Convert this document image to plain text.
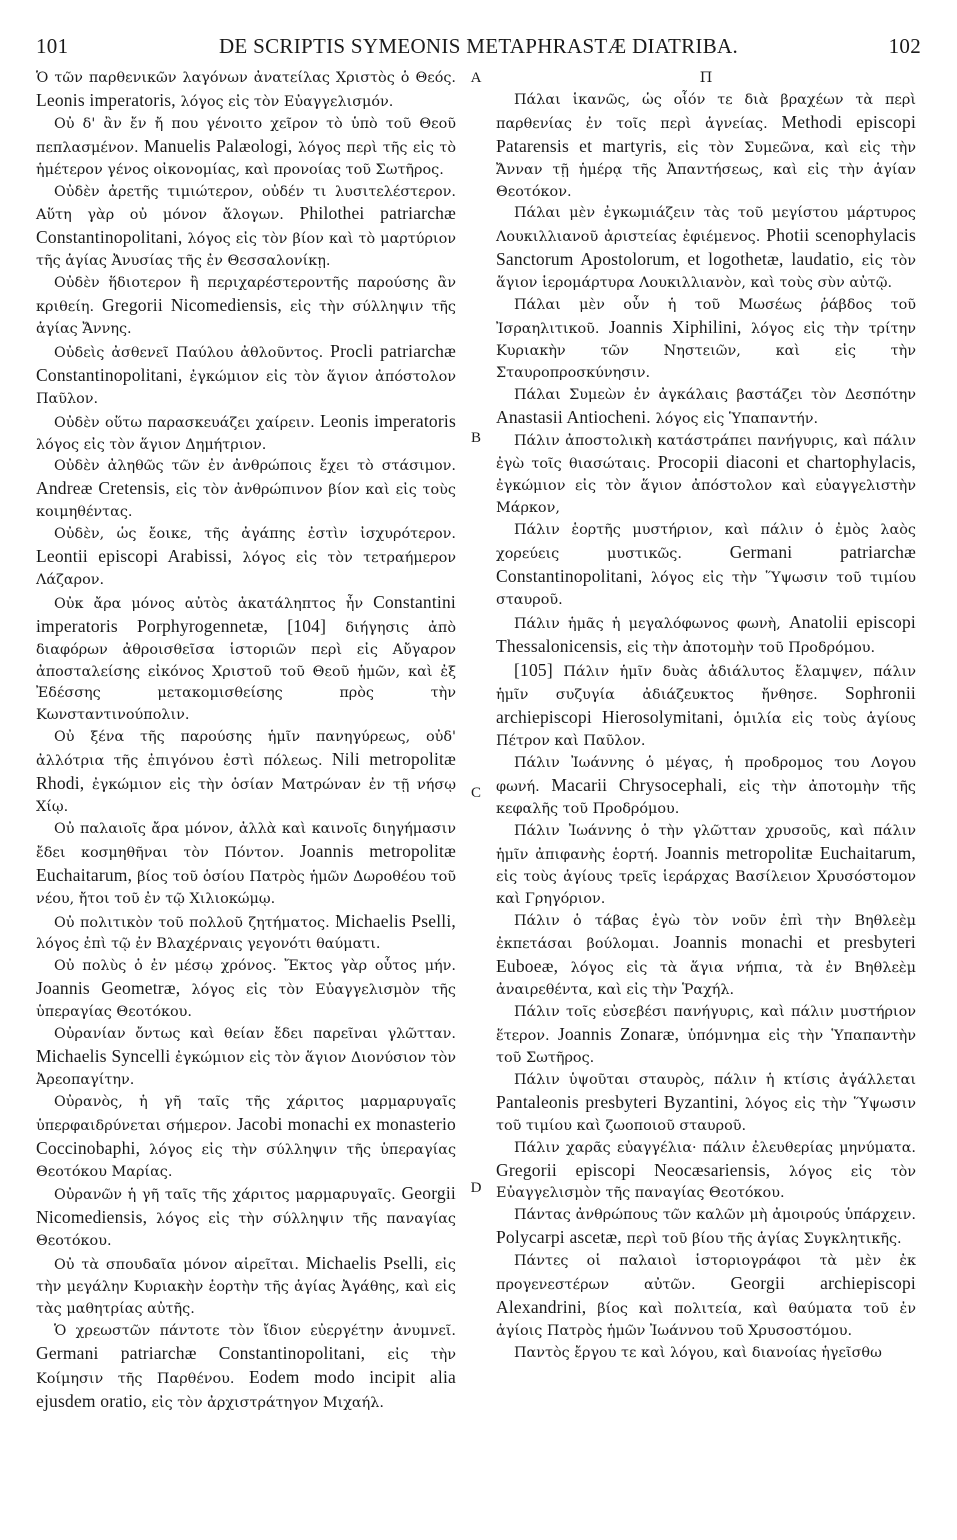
101	DE SCRIPTIS SYMEONIS METAPHRASTÆ DIATRIBA.	102

Ὁ τῶν παρθενικῶν λαγόνων ἀνατείλας Χριστὸς ὁ Θεός. Leonis imperatoris, λόγος εἰς τὸν Εὐαγγελισμόν.

Οὐ δ' ἂν ἔν ἤ που γένοιτο χεῖρον τὸ ὑπὸ τοῦ Θεοῦ πεπλασμένον. Manuelis Palæologi, λόγος περὶ τῆς εἰς τὸ ἡμέτερον γένος οἰκονομίας, καὶ προνοίας τοῦ Σωτῆρος.

Οὐδὲν ἀρετῆς τιμιώτερον, οὐδέν τι λυσιτελέστερον. Αὕτη γὰρ οὐ μόνον ἄλογων. Philothei patriarchæ Constantinopolitani, λόγος εἰς τὸν βίον καὶ τὸ μαρτύριον τῆς ἁγίας Ἀνυσίας τῆς ἐν Θεσσαλονίκῃ.

Οὐδὲν ἥδιοτερον ἢ περιχαρέστεροντῆς παρούσης ἂν κριθείη. Gregorii Nicomediensis, εἰς τὴν σύλληψιν τῆς ἁγίας Ἄννης.

Οὐδεὶς ἀσθενεῖ Παύλου ἀθλοῦντος. Procli patriarchæ Constantinopolitani, ἐγκώμιον εἰς τὸν ἅγιον ἀπόστολον Παῦλον.

Οὐδὲν οὕτω παρασκευάζει χαίρειν. Leonis imperatoris λόγος εἰς τὸν ἅγιον Δημήτριον.

Οὐδὲν ἀληθῶς τῶν ἐν ἀνθρώποις ἔχει τὸ στάσιμον. Andreæ Cretensis, εἰς τὸν ἀνθρώπινον βίον καὶ εἰς τοὺς κοιμηθέντας.

Οὐδὲν, ὡς ἔοικε, τῆς ἀγάπης ἐστὶν ἰσχυρότερον. Leontii episcopi Arabissi, λόγος εἰς τὸν τετραήμερον Λάζαρον.

Οὐκ ἄρα μόνος αὐτὸς ἀκατάληπτος ἦν Constantini imperatoris Porphyrogennetæ, [104] διήγησις ἀπὸ διαφόρων ἀθροισθεῖσα ἱστοριῶν περὶ εἰς Αὔγαρον ἀποσταλείσης εἰκόνος Χριστοῦ τοῦ Θεοῦ ἡμῶν, καὶ ἐξ Ἐδέσσης μετακομισθείσης πρὸς τὴν Κωνσταντινούπολιν.

Οὐ ξένα τῆς παρούσης ἡμῖν πανηγύρεως, οὐδ' ἀλλότρια τῆς ἐπιγόνου ἐστὶ πόλεως. Nili metropolitæ Rhodi, ἐγκώμιον εἰς τὴν ὁσίαν Ματρώναν ἐν τῇ νήσῳ Χίῳ.

Οὐ παλαιοῖς ἄρα μόνον, ἀλλὰ καὶ καινοῖς διηγήμασιν ἔδει κοσμηθῆναι τὸν Πόντον. Joannis metropolitæ Euchaitarum, βίος τοῦ ὁσίου Πατρὸς ἡμῶν Δωροθέου τοῦ νέου, ἤτοι τοῦ ἐν τῷ Χιλιοκώμῳ.

Οὐ πολιτικὸν τοῦ πολλοῦ ζητήματος. Michaelis Pselli, λόγος ἐπὶ τῷ ἐν Βλαχέρναις γεγονότι θαύματι.

Οὐ πολὺς ὁ ἐν μέσῳ χρόνος. Ἔκτος γὰρ οὗτος μήν. Joannis Geometræ, λόγος εἰς τὸν Εὐαγγελισμὸν τῆς ὑπεραγίας Θεοτόκου.

Οὐρανίαν ὄντως καὶ θείαν ἔδει παρεῖναι γλῶτταν. Michaelis Syncelli ἐγκώμιον εἰς τὸν ἅγιον Διονύσιον τὸν Ἀρεοπαγίτην.

Οὐρανὸς, ἡ γῆ ταῖς τῆς χάριτος μαρμαρυγαῖς ὑπερφαιδρύνεται σήμερον. Jacobi monachi ex monasterio Coccinobaphi, λόγος εἰς τὴν σύλληψιν τῆς ὑπεραγίας Θεοτόκου Μαρίας.

Οὐρανῶν ἡ γῆ ταῖς τῆς χάριτος μαρμαρυγαῖς. Georgii Nicomediensis, λόγος εἰς τὴν σύλληψιν τῆς παναγίας Θεοτόκου.

Οὐ τὰ σπουδαῖα μόνον αἱρεῖται. Michaelis Pselli, εἰς τὴν μεγάλην Κυριακὴν ἑορτὴν τῆς ἁγίας Ἀγάθης, καὶ εἰς τὰς μαθητρίας αὐτῆς.

Ὁ χρεωστῶν πάντοτε τὸν ἴδιον εὐεργέτην ἀνυμνεῖ. Germani patriarchæ Constantinopolitani, εἰς τὴν Κοίμησιν τῆς Παρθένου. Eodem modo incipit alia ejusdem oratio, εἰς τὸν ἀρχιστράτηγον Μιχαήλ.

Π

Πάλαι ἱκανῶς, ὡς οἷόν τε διὰ βραχέων τὰ περὶ παρθενίας ἐν τοῖς περὶ ἁγνείας. Methodi episcopi Patarensis et martyris, εἰς τὸν Συμεῶνα, καὶ εἰς τὴν Ἄνναν τῇ ἡμέρᾳ τῆς Ἀπαντήσεως, καὶ εἰς τὴν ἁγίαν Θεοτόκον.

Πάλαι μὲν ἐγκωμιάζειν τὰς τοῦ μεγίστου μάρτυρος Λουκιλλιανοῦ ἀριστείας ἐφιέμενος. Photii scenophylacis Sanctorum Apostolorum, et logothetæ, laudatio, εἰς τὸν ἅγιον ἱερομάρτυρα Λουκιλλιανὸν, καὶ τοὺς σὺν αὐτῷ.

Πάλαι μὲν οὖν ἡ τοῦ Μωσέως ῥάβδος τοῦ Ἰσραηλιτικοῦ. Joannis Xiphilini, λόγος εἰς τὴν τρίτην Κυριακὴν τῶν Νηστειῶν, καὶ εἰς τὴν Σταυροπροσκύνησιν.

Πάλαι Συμεὼν ἐν ἀγκάλαις βαστάζει τὸν Δεσπότην Anastasii Antiocheni. λόγος εἰς Ὑπαπαντήν.

Πάλιν ἀποστολικὴ κατάστράπει πανήγυρις, καὶ πάλιν ἐγὼ τοῖς θιασώταις. Procopii diaconi et chartophylacis, ἐγκώμιον εἰς τὸν ἅγιον ἀπόστολον καὶ εὐαγγελιστὴν Μάρκον,

Πάλιν ἑορτῆς μυστήριον, καὶ πάλιν ὁ ἐμὸς λαὸς χορεύεις μυστικῶς. Germani patriarchæ Constantinopolitani, λόγος εἰς τὴν Ὕψωσιν τοῦ τιμίου σταυροῦ.

Πάλιν ἡμᾶς ἡ μεγαλόφωνος φωνὴ, Anatolii episcopi Thessalonicensis, εἰς τὴν ἀποτομὴν τοῦ Προδρόμου.

[105] Πάλιν ἡμῖν δυὰς ἀδιάλυτος ἔλαμψεν, πάλιν ἡμῖν συζυγία ἀδιάζευκτος ἤνθησε. Sophronii archiepiscopi Hierosolymitani, ὁμιλία εἰς τοὺς ἁγίους Πέτρον καὶ Παῦλον.

Πάλιν Ἰωάννης ὁ μέγας, ἡ προδρομος του Λογου φωνή. Macarii Chrysocephali, εἰς τὴν ἀποτομὴν τῆς κεφαλῆς τοῦ Προδρόμου.

Πάλιν Ἰωάννης ὁ τὴν γλῶτταν χρυσοῦς, καὶ πάλιν ἡμῖν ἀπιφανὴς ἑορτή. Joannis metropolitæ Euchaitarum, εἰς τοὺς ἁγίους τρεῖς ἱεράρχας Βασίλειον Χρυσόστομον καὶ Γρηγόριον.

Πάλιν ὁ τάβας ἐγὼ τὸν νοῦν ἐπὶ τὴν Βηθλεὲμ ἐκπετάσαι βούλομαι. Joannis monachi et presbyteri Euboeæ, λόγος εἰς τὰ ἅγια νήπια, τὰ ἐν Βηθλεὲμ ἀναιρεθέντα, καὶ εἰς τὴν Ῥαχήλ.

Πάλιν τοῖς εὐσεβέσι πανήγυρις, καὶ πάλιν μυστήριον ἕτερον. Joannis Zonaræ, ὑπόμνημα εἰς τὴν Ὑπαπαντὴν τοῦ Σωτῆρος.

Πάλιν ὑψοῦται σταυρὸς, πάλιν ἡ κτίσις ἀγάλλεται Pantaleonis presbyteri Byzantini, λόγος εἰς τὴν Ὕψωσιν τοῦ τιμίου καὶ ζωοποιοῦ σταυροῦ.

Πάλιν χαρᾶς εὐαγγέλια· πάλιν ἐλευθερίας μηνύματα. Gregorii episcopi Neocæsariensis, λόγος εἰς τὸν Εὐαγγελισμὸν τῆς παναγίας Θεοτόκου.

Πάντας ἀνθρώπους τῶν καλῶν μὴ ἀμοιρούς ὑπάρχειν. Polycarpi ascetæ, περὶ τοῦ βίου τῆς ἁγίας Συγκλητικῆς.

Πάντες οἱ παλαιοὶ ἱστοριογράφοι τὰ μὲν ἐκ προγενεστέρων αὐτῶν. Georgii archiepiscopi Alexandrini, βίος καὶ πολιτεία, καὶ θαύματα τοῦ ἐν ἁγίοις Πατρὸς ἡμῶν Ἰωάννου τοῦ Χρυσοστόμου.

Παντὸς ἔργου τε καὶ λόγου, καὶ διανοίας ἡγεῖσθω

A
B
C
D
